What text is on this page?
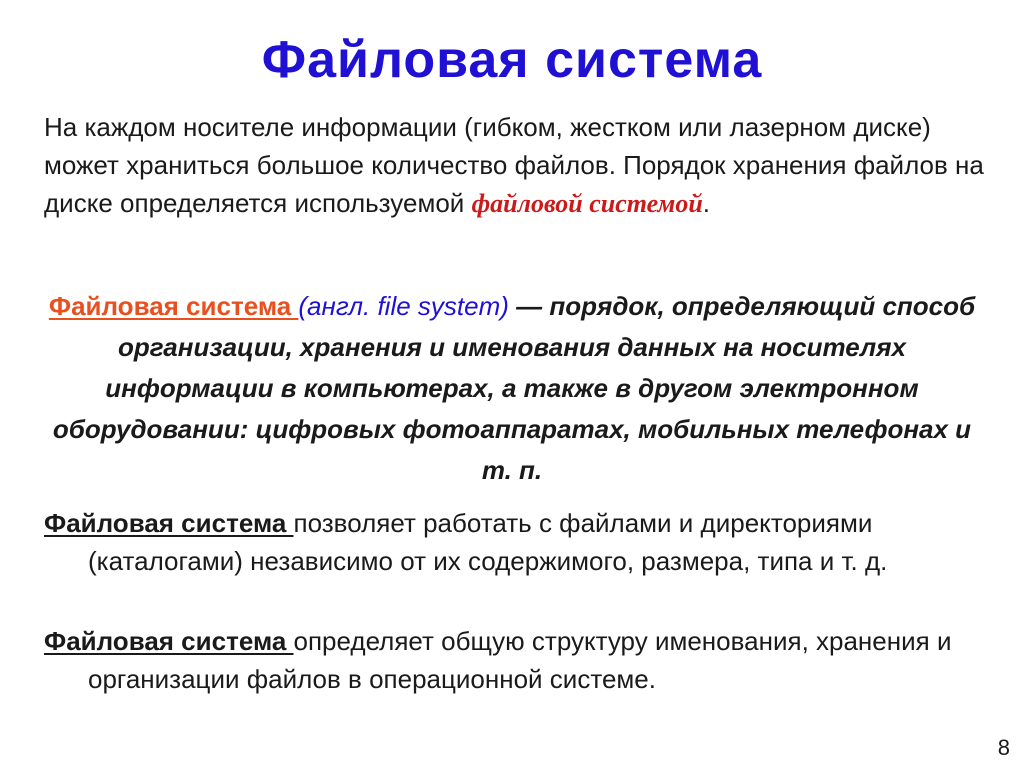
Файловая система
На каждом носителе информации (гибком, жестком или лазерном диске) может храниться большое количество файлов. Порядок хранения файлов на диске определяется используемой файловой системой.
Файловая система (англ. file system) — порядок, определяющий способ организации, хранения и именования данных на носителях информации в компьютерах, а также в другом электронном оборудовании: цифровых фотоаппаратах, мобильных телефонах и т. п.
Файловая система позволяет работать с файлами и директориями (каталогами) независимо от их содержимого, размера, типа и т. д.
Файловая система определяет общую структуру именования, хранения и организации файлов в операционной системе.
8
